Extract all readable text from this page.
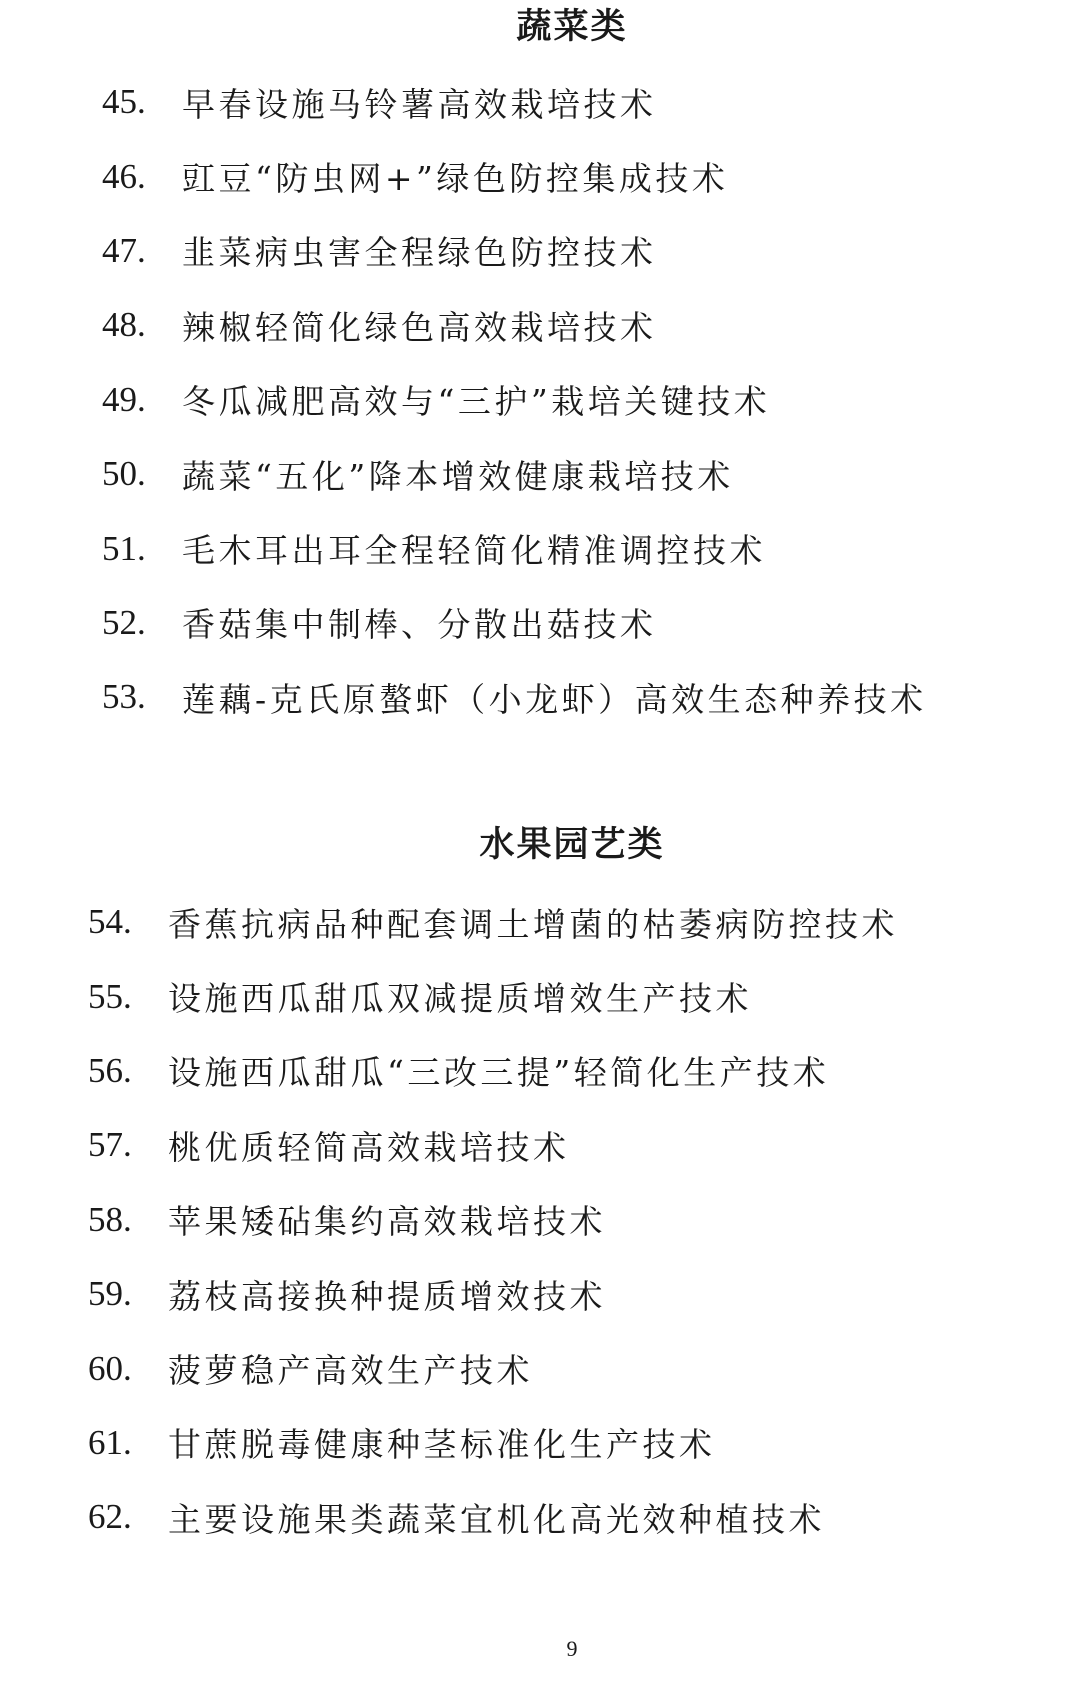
蔬菜类
45.	早春设施马铃薯高效栽培技术
46.	豇豆“防虫网+”绿色防控集成技术
47.	韭菜病虫害全程绿色防控技术
48.	辣椒轻简化绿色高效栽培技术
49.	冬瓜减肥高效与“三护”栽培关键技术
50.	蔬菜“五化”降本增效健康栽培技术
51.	毛木耳出耳全程轻简化精准调控技术
52.	香菇集中制棒、分散出菇技术
53.	莲藕-克氏原螯虾（小龙虾）高效生态种养技术
水果园艺类
54.	香蕉抗病品种配套调土增菌的枯萎病防控技术
55.	设施西瓜甜瓜双减提质增效生产技术
56.	设施西瓜甜瓜“三改三提”轻简化生产技术
57.	桃优质轻简高效栽培技术
58.	苹果矮砧集约高效栽培技术
59.	荔枝高接换种提质增效技术
60.	菠萝稳产高效生产技术
61.	甘蔗脱毒健康种茎标准化生产技术
62.	主要设施果类蔬菜宜机化高光效种植技术
9
